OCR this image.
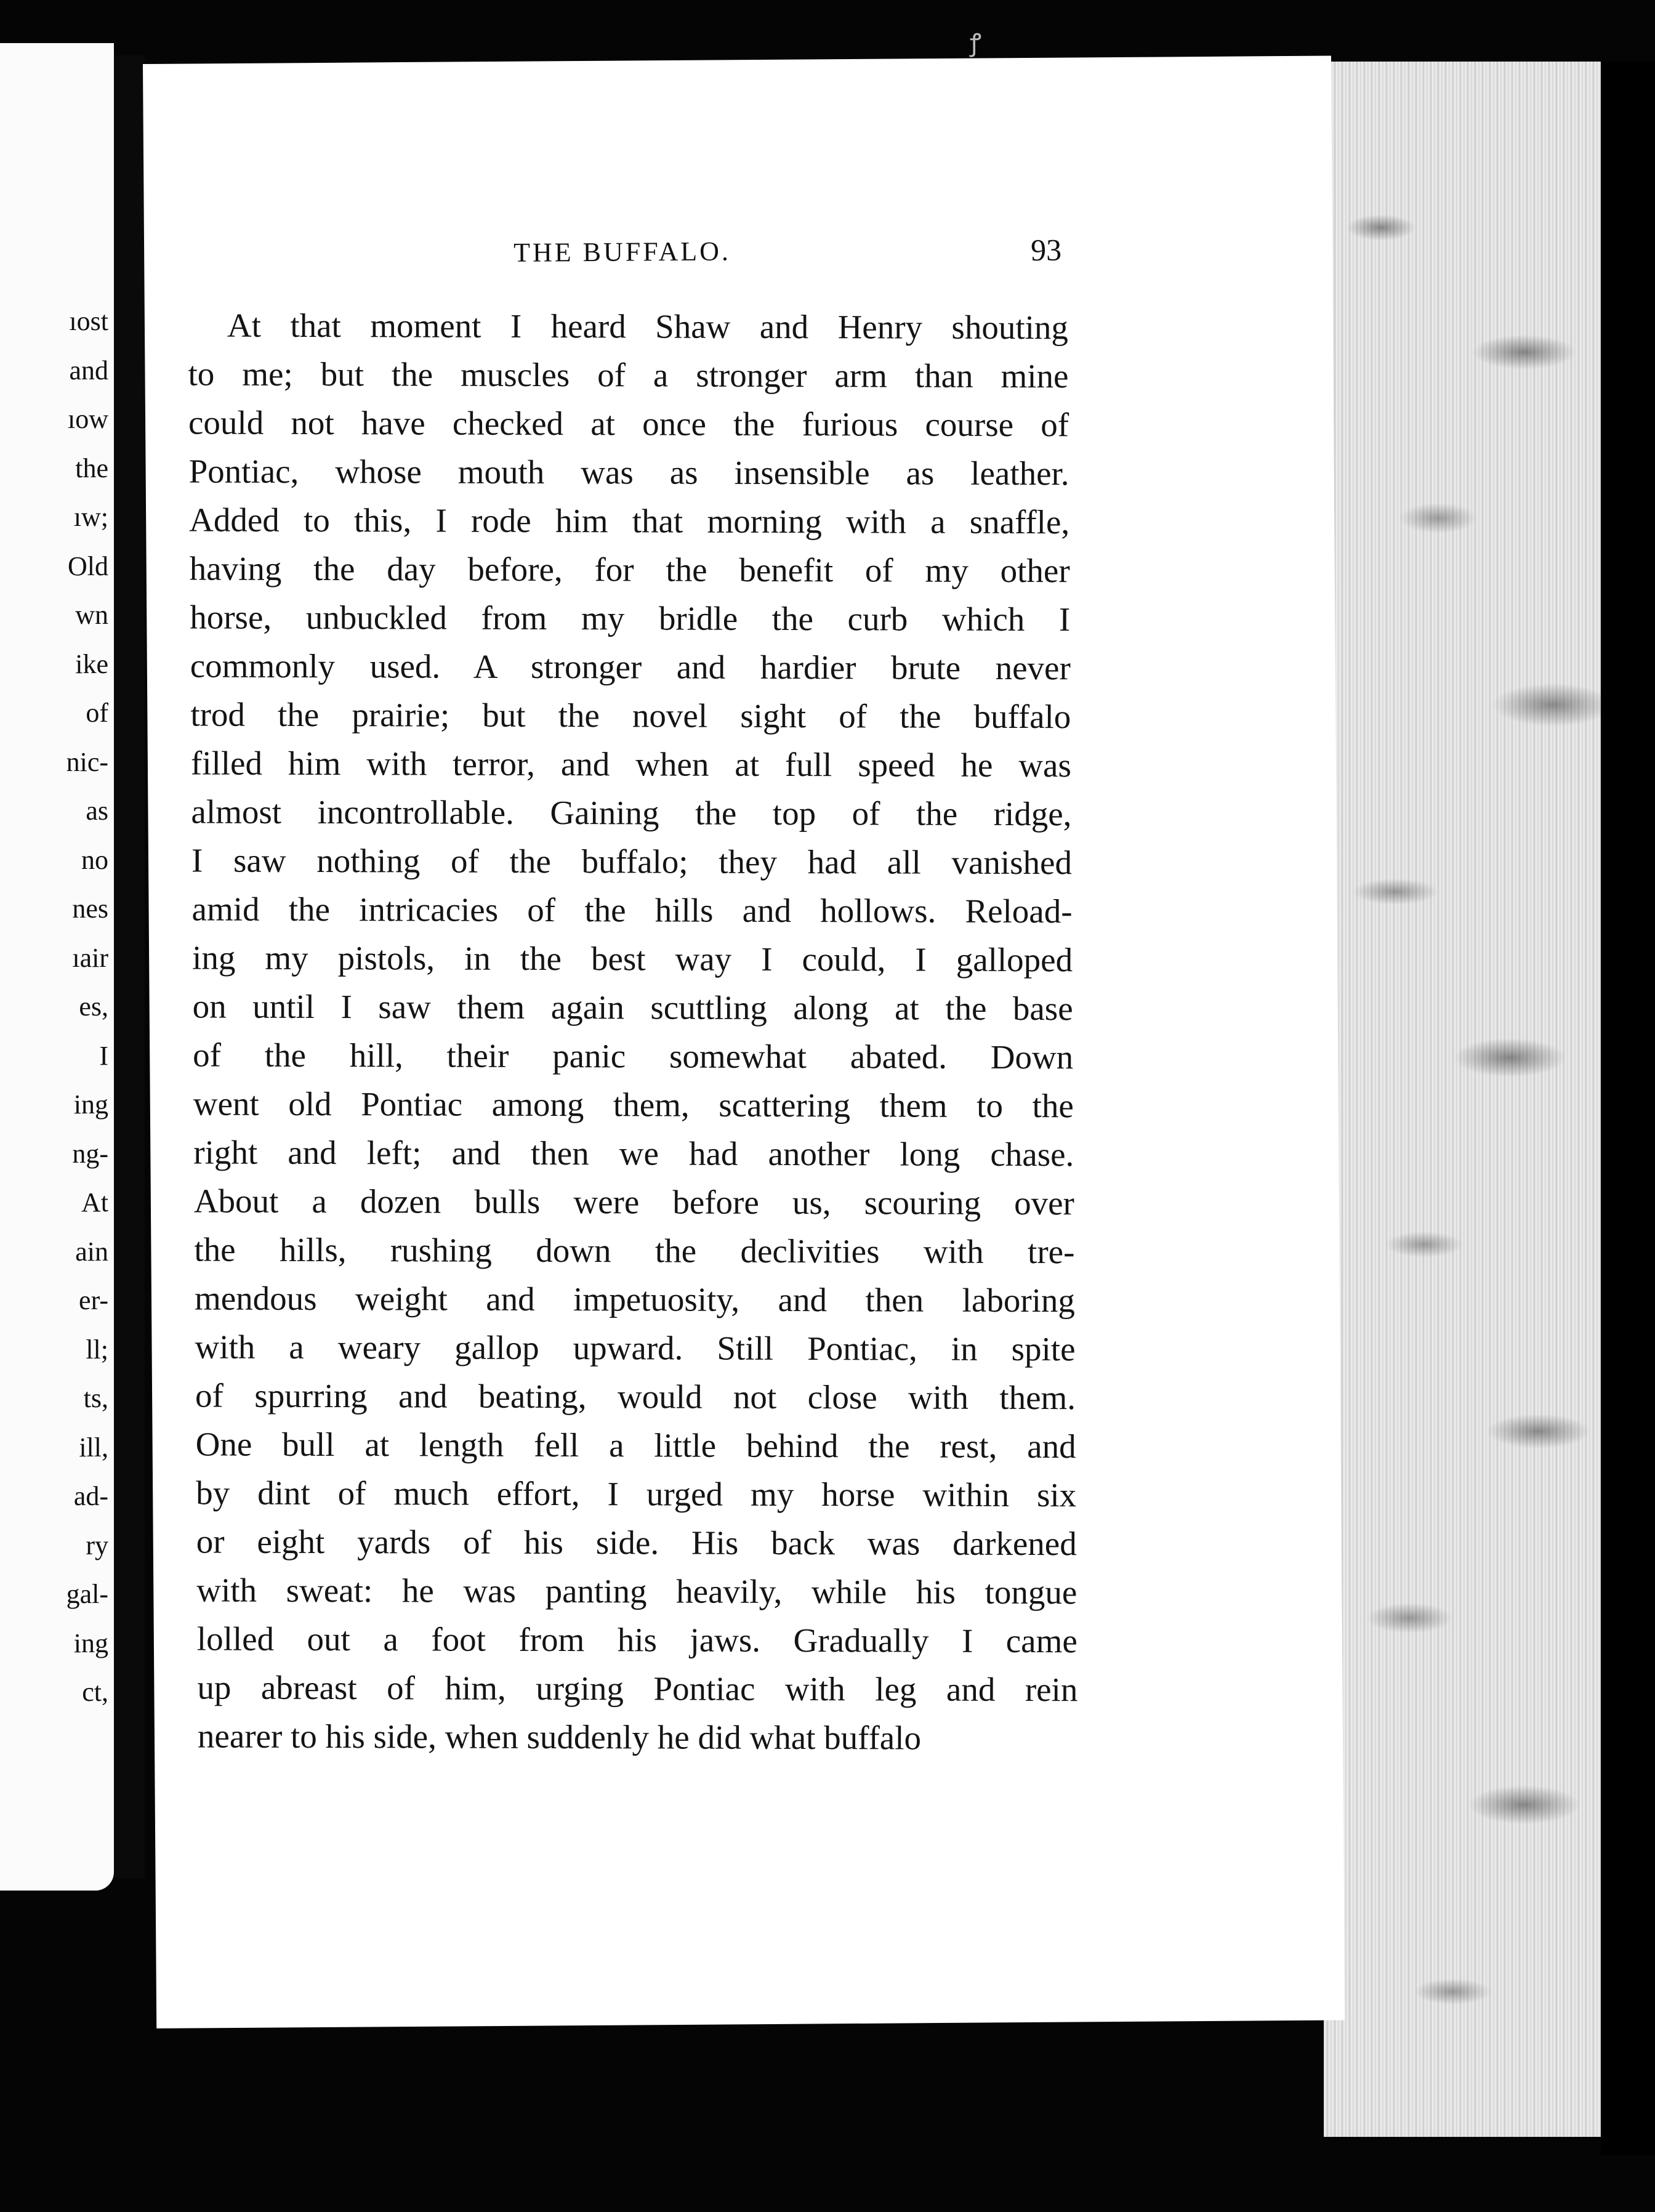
ꝭ
ıost
and
ıow
the
ıw;
Old
wn
ike
of
nic-
as
no
nes
ıair
es,
I
ing
ng-
At
ain
er-
ll;
ts,
ill,
ad-
ry
gal-
ing
ct,
THE BUFFALO.	93
At that moment I heard Shaw and Henry shouting
to me; but the muscles of a stronger arm than mine
could not have checked at once the furious course of
Pontiac, whose mouth was as insensible as leather.
Added to this, I rode him that morning with a snaffle,
having the day before, for the benefit of my other
horse, unbuckled from my bridle the curb which I
commonly used. A stronger and hardier brute never
trod the prairie; but the novel sight of the buffalo
filled him with terror, and when at full speed he was
almost incontrollable. Gaining the top of the ridge,
I saw nothing of the buffalo; they had all vanished
amid the intricacies of the hills and hollows. Reload-
ing my pistols, in the best way I could, I galloped
on until I saw them again scuttling along at the base
of the hill, their panic somewhat abated. Down
went old Pontiac among them, scattering them to the
right and left; and then we had another long chase.
About a dozen bulls were before us, scouring over
the hills, rushing down the declivities with tre-
mendous weight and impetuosity, and then laboring
with a weary gallop upward. Still Pontiac, in spite
of spurring and beating, would not close with them.
One bull at length fell a little behind the rest, and
by dint of much effort, I urged my horse within six
or eight yards of his side. His back was darkened
with sweat: he was panting heavily, while his tongue
lolled out a foot from his jaws. Gradually I came
up abreast of him, urging Pontiac with leg and rein
nearer to his side, when suddenly he did what buffalo
